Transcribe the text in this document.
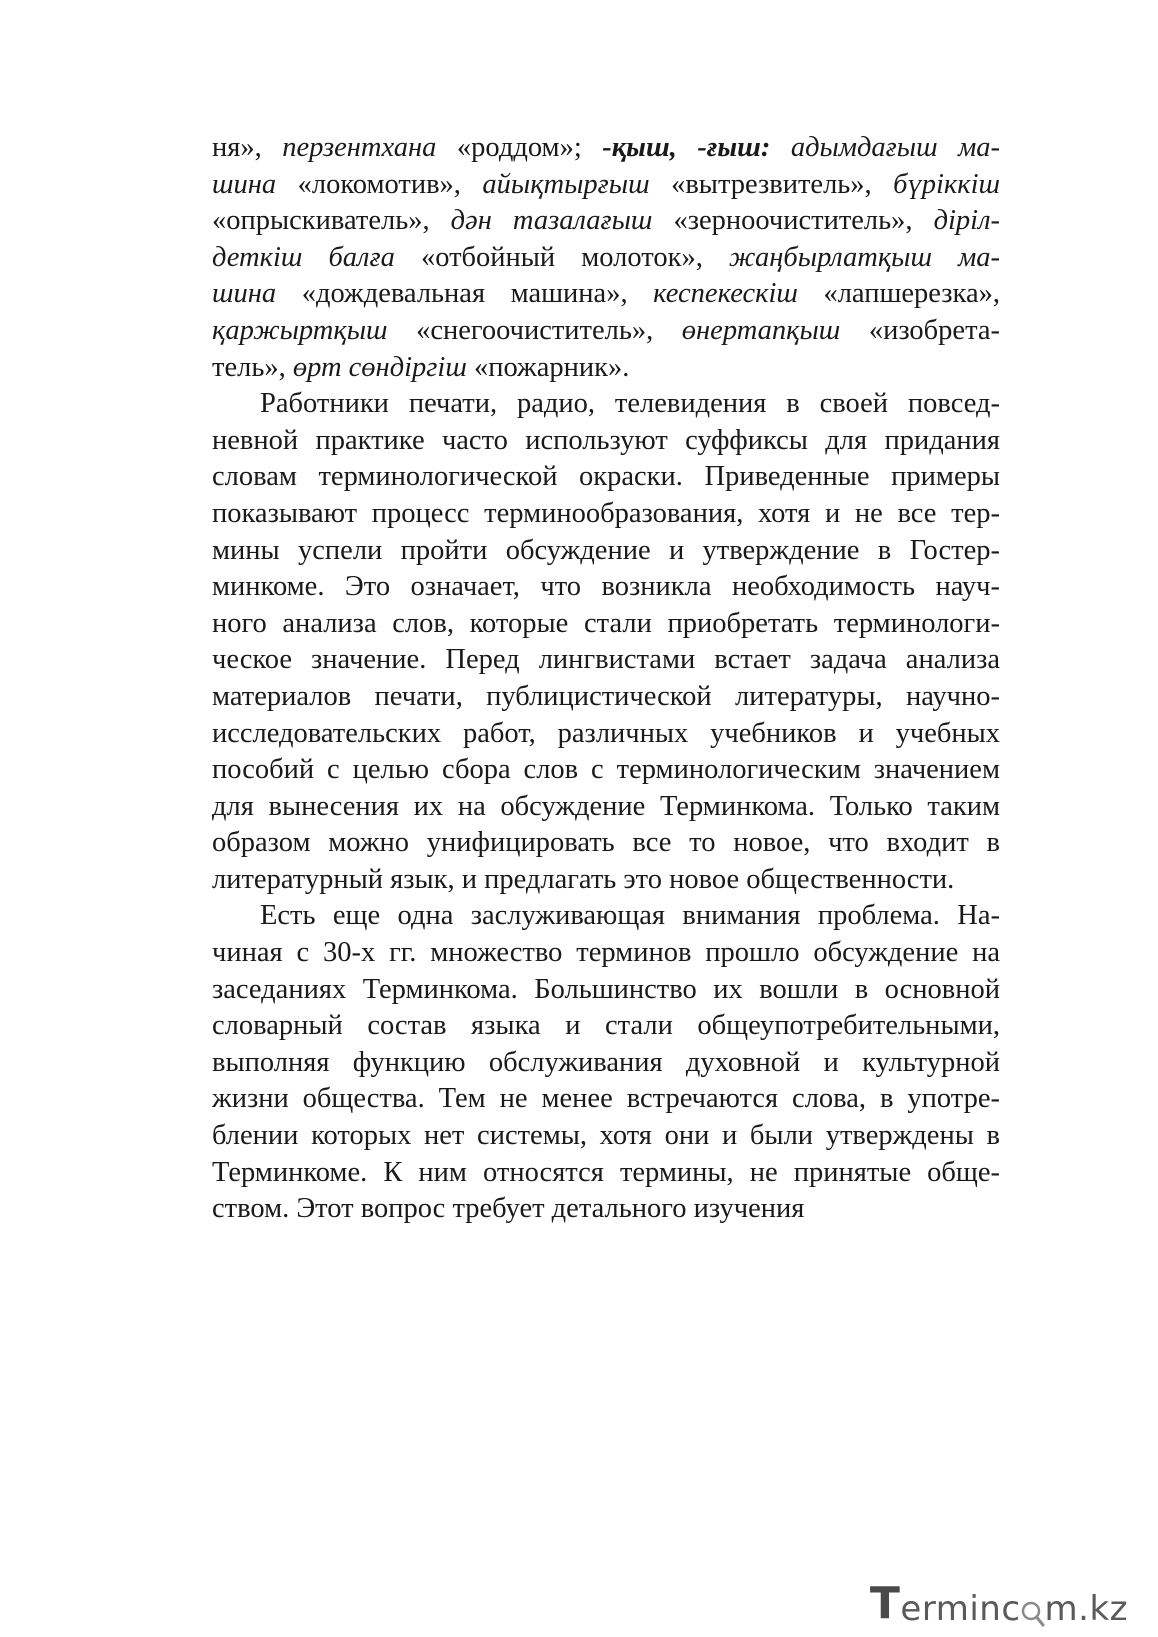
ня», перзентхана «роддом»; -қыш, -ғыш: адымдағыш ма-
шина «локомотив», айықтырғыш «вытрезвитель», бүріккіш
«опрыскиватель», дән тазалағыш «зерноочиститель», дірiл-
деткіш балға «отбойный молоток», жаңбырлатқыш ма-
шина «дождевальная машина», кеспекескіш «лапшерезка»,
қаржыртқыш «снегоочиститель», өнертапқыш «изобрета-
тель», өрт сөндіргіш «пожарник».

Работники печати, радио, телевидения в своей повсед-
невной практике часто используют суффиксы для придания
словам терминологической окраски. Приведенные примеры
показывают процесс терминообразования, хотя и не все тер-
мины успели пройти обсуждение и утверждение в Гостер-
минкоме. Это означает, что возникла необходимость науч-
ного анализа слов, которые стали приобретать терминологи-
ческое значение. Перед лингвистами встает задача анализа
материалов печати, публицистической литературы, научно-
исследовательских работ, различных учебников и учебных
пособий с целью сбора слов с терминологическим значением
для вынесения их на обсуждение Терминкома. Только таким
образом можно унифицировать все то новое, что входит в
литературный язык, и предлагать это новое общественности.

Есть еще одна заслуживающая внимания проблема. На-
чиная с 30-х гг. множество терминов прошло обсуждение на
заседаниях Терминкома. Большинство их вошли в основной
словарный состав языка и стали общеупотребительными,
выполняя функцию обслуживания духовной и культурной
жизни общества. Тем не менее встречаются слова, в употре-
блении которых нет системы, хотя они и были утверждены в
Терминкоме. К ним относятся термины, не принятые обще-
ством. Этот вопрос требует детального изучения

T erminc m.kz
